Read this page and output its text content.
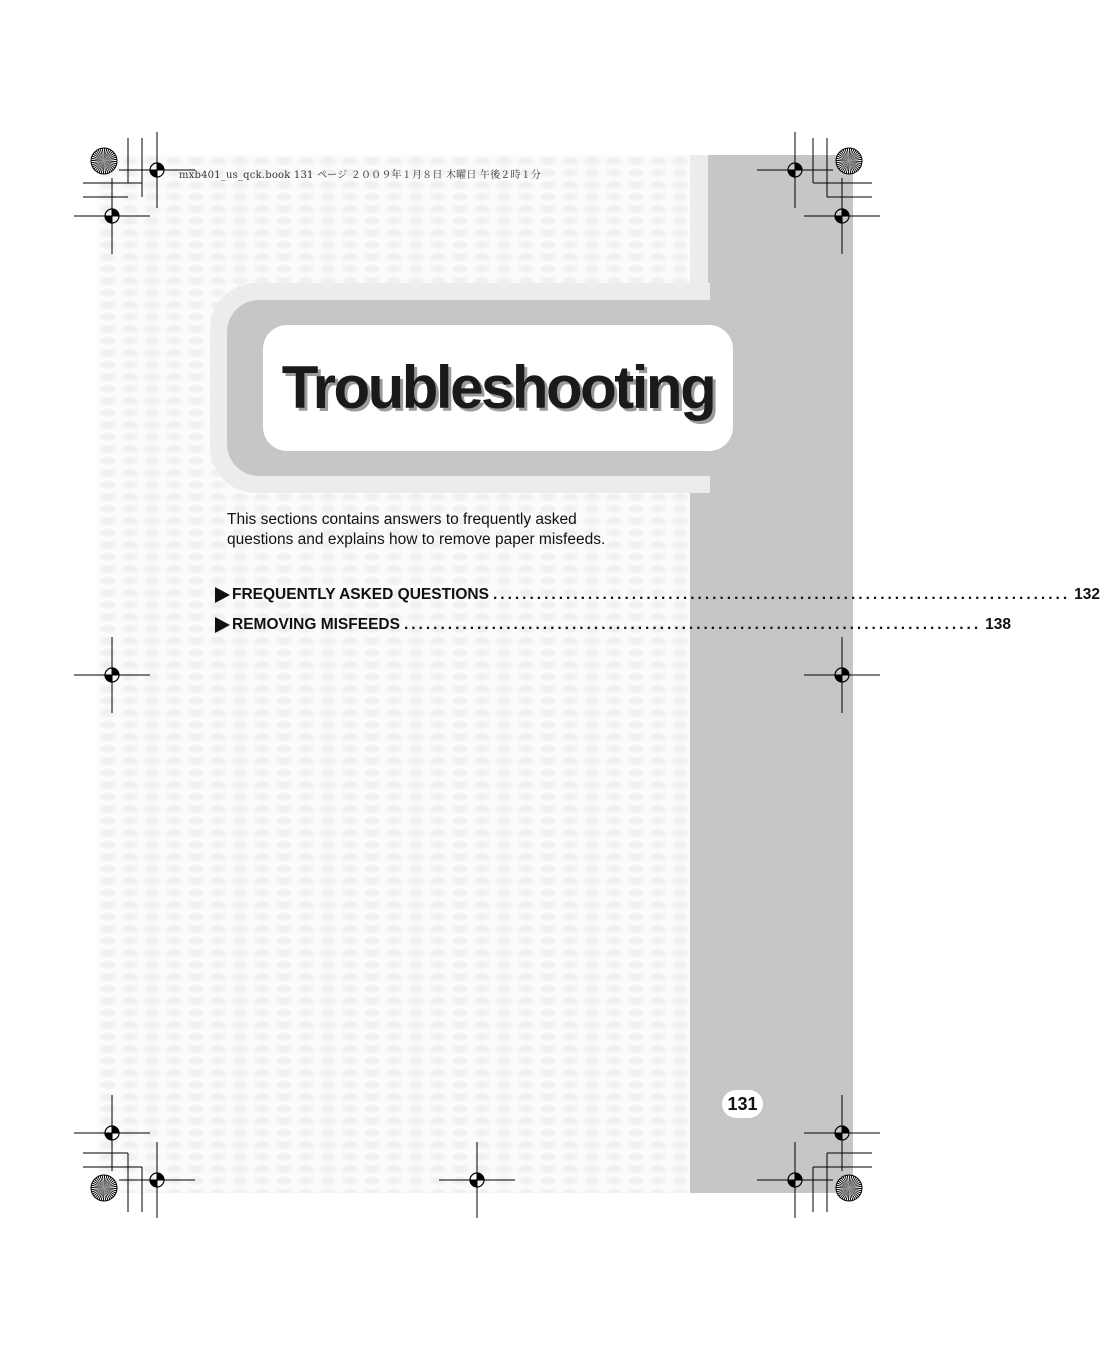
Troubleshooting
mxb401_us_qck.book 131 ページ ２００９年１月８日 木曜日 午後２時１分

This sections contains answers to frequently asked

questions and explains how to remove paper misfeeds.

FREQUENTLY ASKED QUESTIONS ............................................................................... 132
REMOVING MISFEEDS ............................................................................... 138
131
